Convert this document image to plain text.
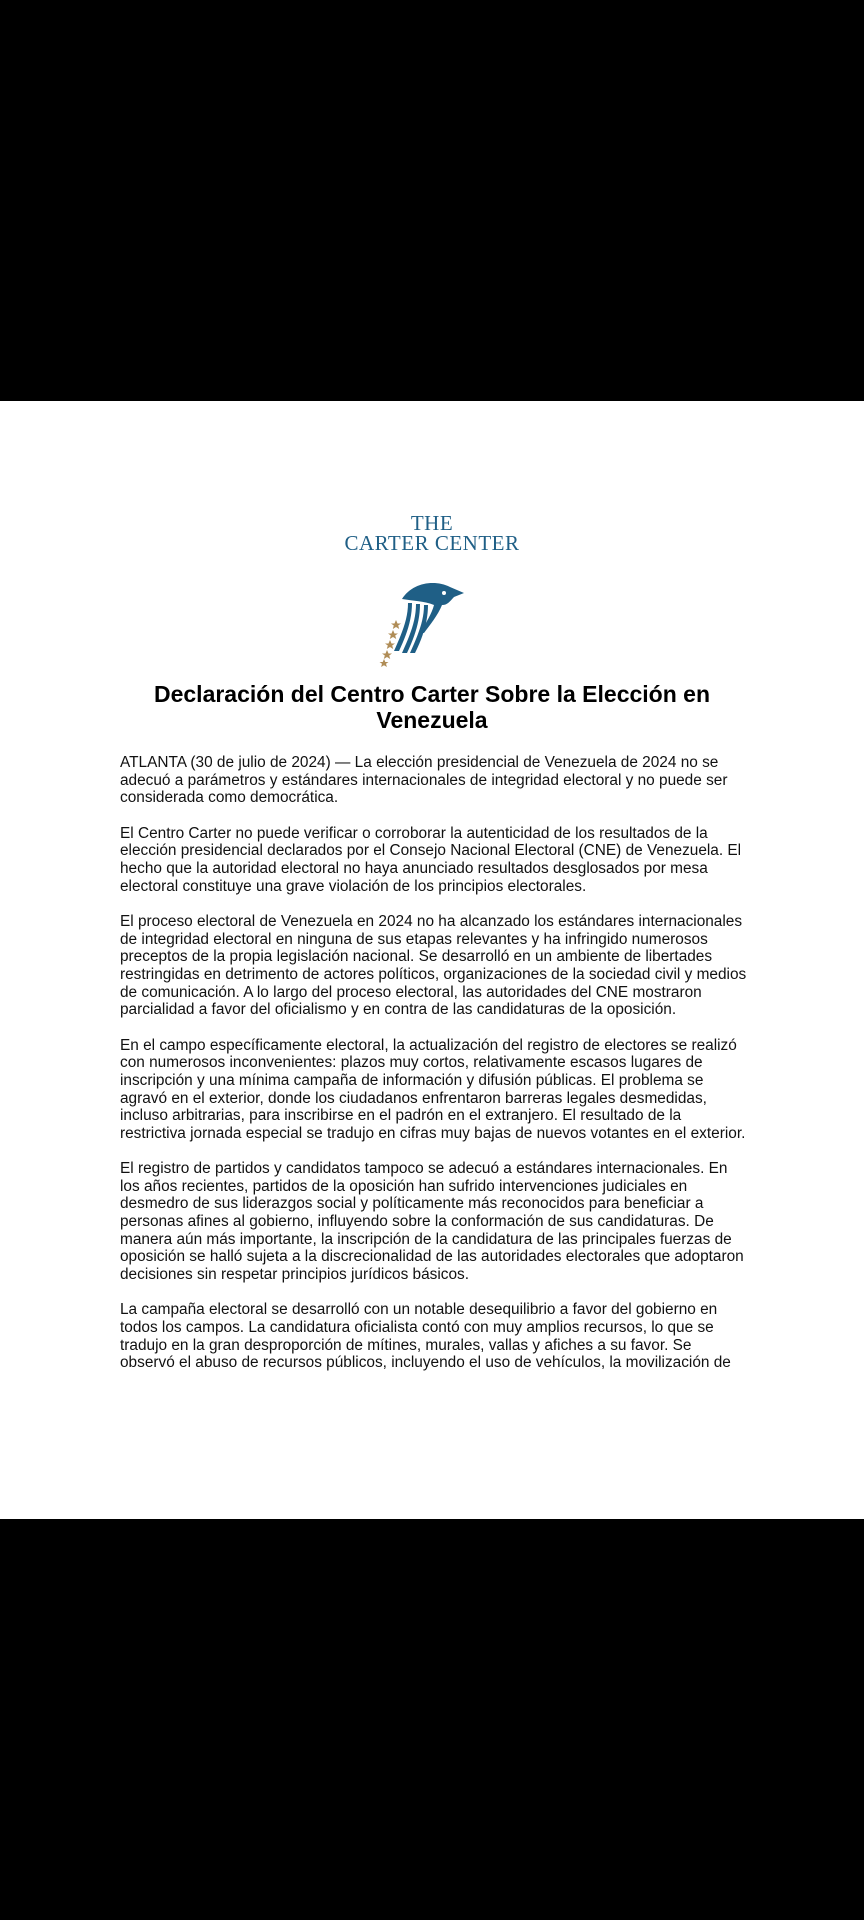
THE
CARTER CENTER
Declaración del Centro Carter Sobre la Elección en Venezuela

ATLANTA (30 de julio de 2024) — La elección presidencial de Venezuela de 2024 no se adecuó a parámetros y estándares internacionales de integridad electoral y no puede ser considerada como democrática.

El Centro Carter no puede verificar o corroborar la autenticidad de los resultados de la elección presidencial declarados por el Consejo Nacional Electoral (CNE) de Venezuela. El hecho que la autoridad electoral no haya anunciado resultados desglosados por mesa electoral constituye una grave violación de los principios electorales.

El proceso electoral de Venezuela en 2024 no ha alcanzado los estándares internacionales de integridad electoral en ninguna de sus etapas relevantes y ha infringido numerosos preceptos de la propia legislación nacional. Se desarrolló en un ambiente de libertades restringidas en detrimento de actores políticos, organizaciones de la sociedad civil y medios de comunicación. A lo largo del proceso electoral, las autoridades del CNE mostraron parcialidad a favor del oficialismo y en contra de las candidaturas de la oposición.

En el campo específicamente electoral, la actualización del registro de electores se realizó con numerosos inconvenientes: plazos muy cortos, relativamente escasos lugares de inscripción y una mínima campaña de información y difusión públicas. El problema se agravó en el exterior, donde los ciudadanos enfrentaron barreras legales desmedidas, incluso arbitrarias, para inscribirse en el padrón en el extranjero. El resultado de la restrictiva jornada especial se tradujo en cifras muy bajas de nuevos votantes en el exterior.

El registro de partidos y candidatos tampoco se adecuó a estándares internacionales. En los años recientes, partidos de la oposición han sufrido intervenciones judiciales en desmedro de sus liderazgos social y políticamente más reconocidos para beneficiar a personas afines al gobierno, influyendo sobre la conformación de sus candidaturas. De manera aún más importante, la inscripción de la candidatura de las principales fuerzas de oposición se halló sujeta a la discrecionalidad de las autoridades electorales que adoptaron decisiones sin respetar principios jurídicos básicos.

La campaña electoral se desarrolló con un notable desequilibrio a favor del gobierno en todos los campos. La candidatura oficialista contó con muy amplios recursos, lo que se tradujo en la gran desproporción de mítines, murales, vallas y afiches a su favor. Se observó el abuso de recursos públicos, incluyendo el uso de vehículos, la movilización de
